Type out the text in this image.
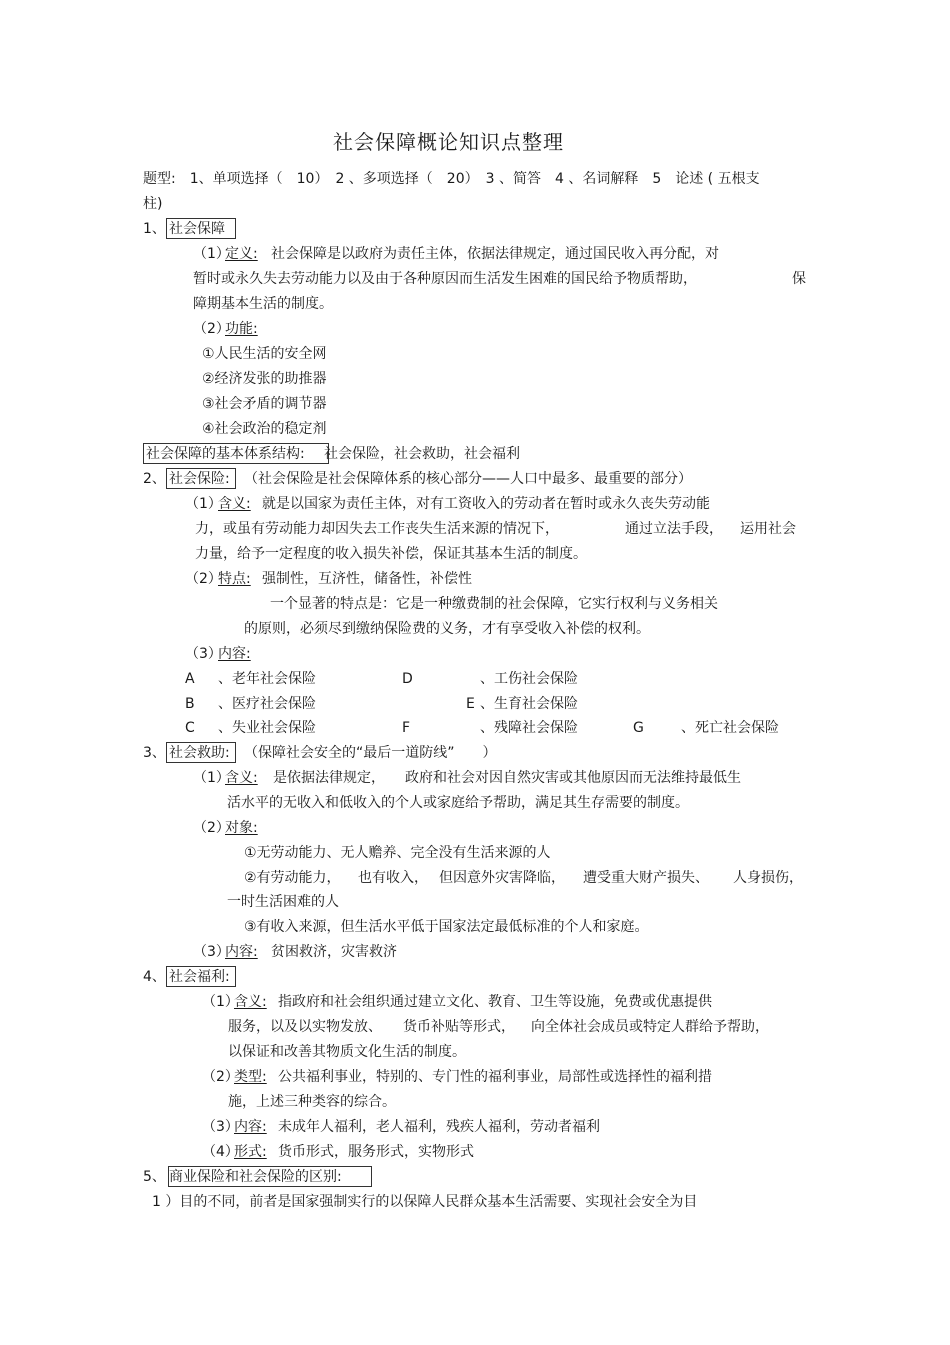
社会保障概论知识点整理
题型:　1、单项选择（　10）　2 、多项选择（　20）　3 、简答　4 、名词解释　5　论述 ( 五根支
柱)
1、 社会保障
（1）
定义: 社会保障是以政府为责任主体，依据法律规定，通过国民收入再分配，对
暂时或永久失去劳动能力以及由于各种原因而生活发生困难的国民给予物质帮助，	保
障期基本生活的制度。
（2）
功能:
①人民生活的安全网
②经济发张的助推器
③社会矛盾的调节器
④社会政治的稳定剂
社会保障的基本体系结构: 社会保险，社会救助，社会福利
2、 社会保险: （社会保险是社会保障体系的核心部分——人口中最多、最重要的部分）
（1）
含义: 就是以国家为责任主体，对有工资收入的劳动者在暂时或永久丧失劳动能
力，或虽有劳动能力却因失去工作丧失生活来源的情况下，	通过立法手段， 运用社会
力量，给予一定程度的收入损失补偿，保证其基本生活的制度。
（2）
特点: 强制性，互济性，储备性，补偿性
一个显著的特点是：它是一种缴费制的社会保障，它实行权利与义务相关
的原则，必须尽到缴纳保险费的义务，才有享受收入补偿的权利。
（3）
内容:
A 、老年社会保险	D	、工伤社会保险
B 、医疗社会保险	E 、生育社会保险
C 、失业社会保险	F	、残障社会保险	G	、死亡社会保险
3、 社会救助: （保障社会安全的“最后一道防线”　　）
（1）
含义: 是依据法律规定， 政府和社会对因自然灾害或其他原因而无法维持最低生
活水平的无收入和低收入的个人或家庭给予帮助，满足其生存需要的制度。
（2）
对象:
①无劳动能力、无人赡养、完全没有生活来源的人
②有劳动能力， 也有收入， 但因意外灾害降临， 遭受重大财产损失、 人身损伤，
一时生活困难的人
③有收入来源，但生活水平低于国家法定最低标准的个人和家庭。
（3）
内容: 贫困救济，灾害救济
4、 社会福利:
（1）
含义: 指政府和社会组织通过建立文化、教育、卫生等设施，免费或优惠提供
服务，以及以实物发放、 货币补贴等形式， 向全体社会成员或特定人群给予帮助，
以保证和改善其物质文化生活的制度。
（2）
类型: 公共福利事业，特别的、专门性的福利事业，局部性或选择性的福利措
施，上述三种类容的综合。
（3）
内容: 未成年人福利，老人福利，残疾人福利，劳动者福利
（4）
形式: 货币形式，服务形式，实物形式
5、 商业保险和社会保险的区别:
1 ）目的不同，前者是国家强制实行的以保障人民群众基本生活需要、实现社会安全为目
